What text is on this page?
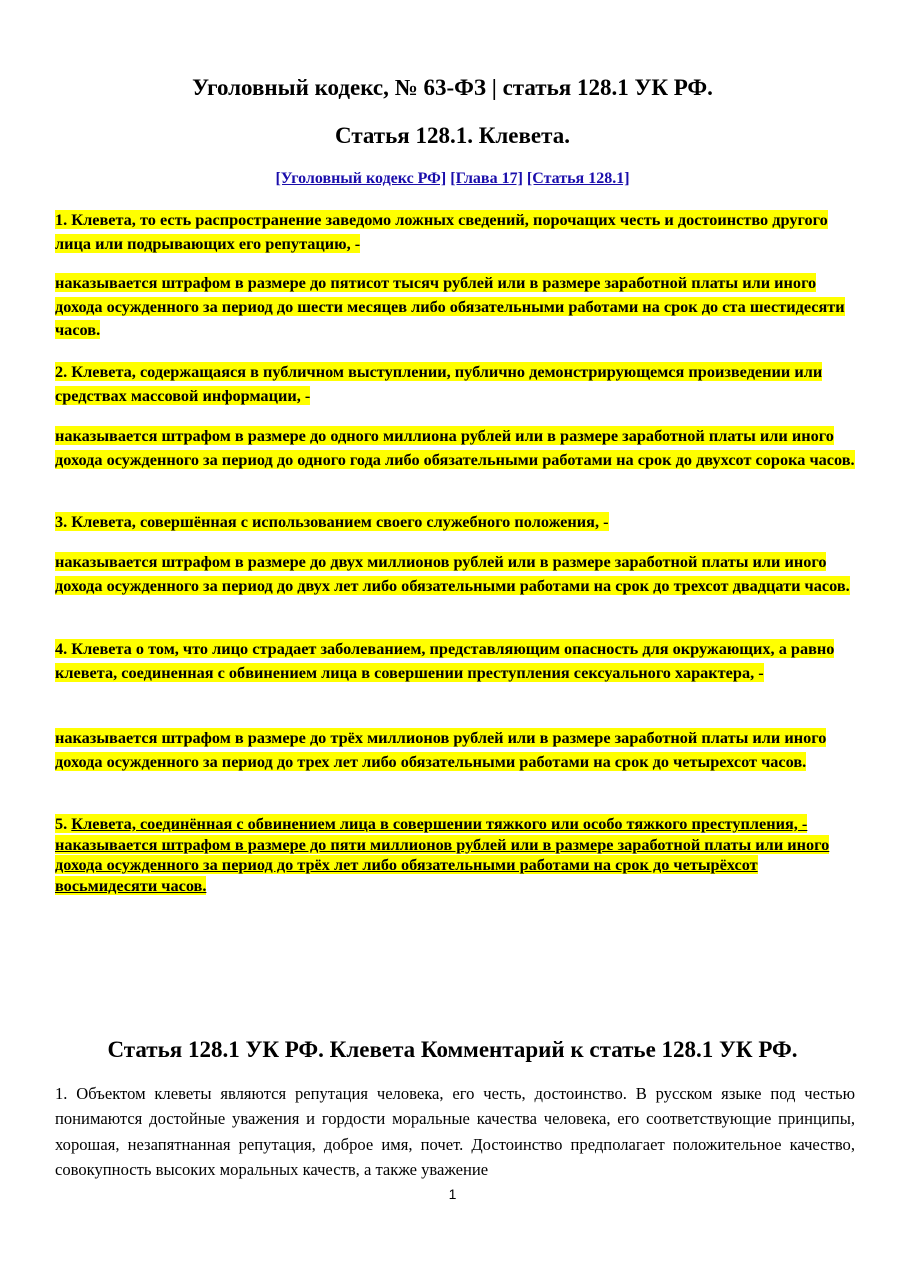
Уголовный кодекс, № 63-ФЗ | статья 128.1 УК РФ.
Статья 128.1. Клевета.
[Уголовный кодекс РФ] [Глава 17] [Статья 128.1]
1. Клевета, то есть распространение заведомо ложных сведений, порочащих честь и достоинство другого лица или подрывающих его репутацию, -
наказывается штрафом в размере до пятисот тысяч рублей или в размере заработной платы или иного дохода осужденного за период до шести месяцев либо обязательными работами на срок до ста шестидесяти часов.
2. Клевета, содержащаяся в публичном выступлении, публично демонстрирующемся произведении или средствах массовой информации, -
наказывается штрафом в размере до одного миллиона рублей или в размере заработной платы или иного дохода осужденного за период до одного года либо обязательными работами на срок до двухсот сорока часов.
3. Клевета, совершённая с использованием своего служебного положения, -
наказывается штрафом в размере до двух миллионов рублей или в размере заработной платы или иного дохода осужденного за период до двух лет либо обязательными работами на срок до трехсот двадцати часов.
4. Клевета о том, что лицо страдает заболеванием, представляющим опасность для окружающих, а равно клевета, соединенная с обвинением лица в совершении преступления сексуального характера, -
наказывается штрафом в размере до трёх миллионов рублей или в размере заработной платы или иного дохода осужденного за период до трех лет либо обязательными работами на срок до четырехсот часов.
5. Клевета, соединённая с обвинением лица в совершении тяжкого или особо тяжкого преступления, -
наказывается штрафом в размере до пяти миллионов рублей или в размере заработной платы или иного дохода осужденного за период до трёх лет либо обязательными работами на срок до четырёхсот восьмидесяти часов.
Статья 128.1 УК РФ. Клевета Комментарий к статье 128.1 УК РФ.
1. Объектом клеветы являются репутация человека, его честь, достоинство. В русском языке под честью понимаются достойные уважения и гордости моральные качества человека, его соответствующие принципы, хорошая, незапятнанная репутация, доброе имя, почет. Достоинство предполагает положительное качество, совокупность высоких моральных качеств, а также уважение
1
